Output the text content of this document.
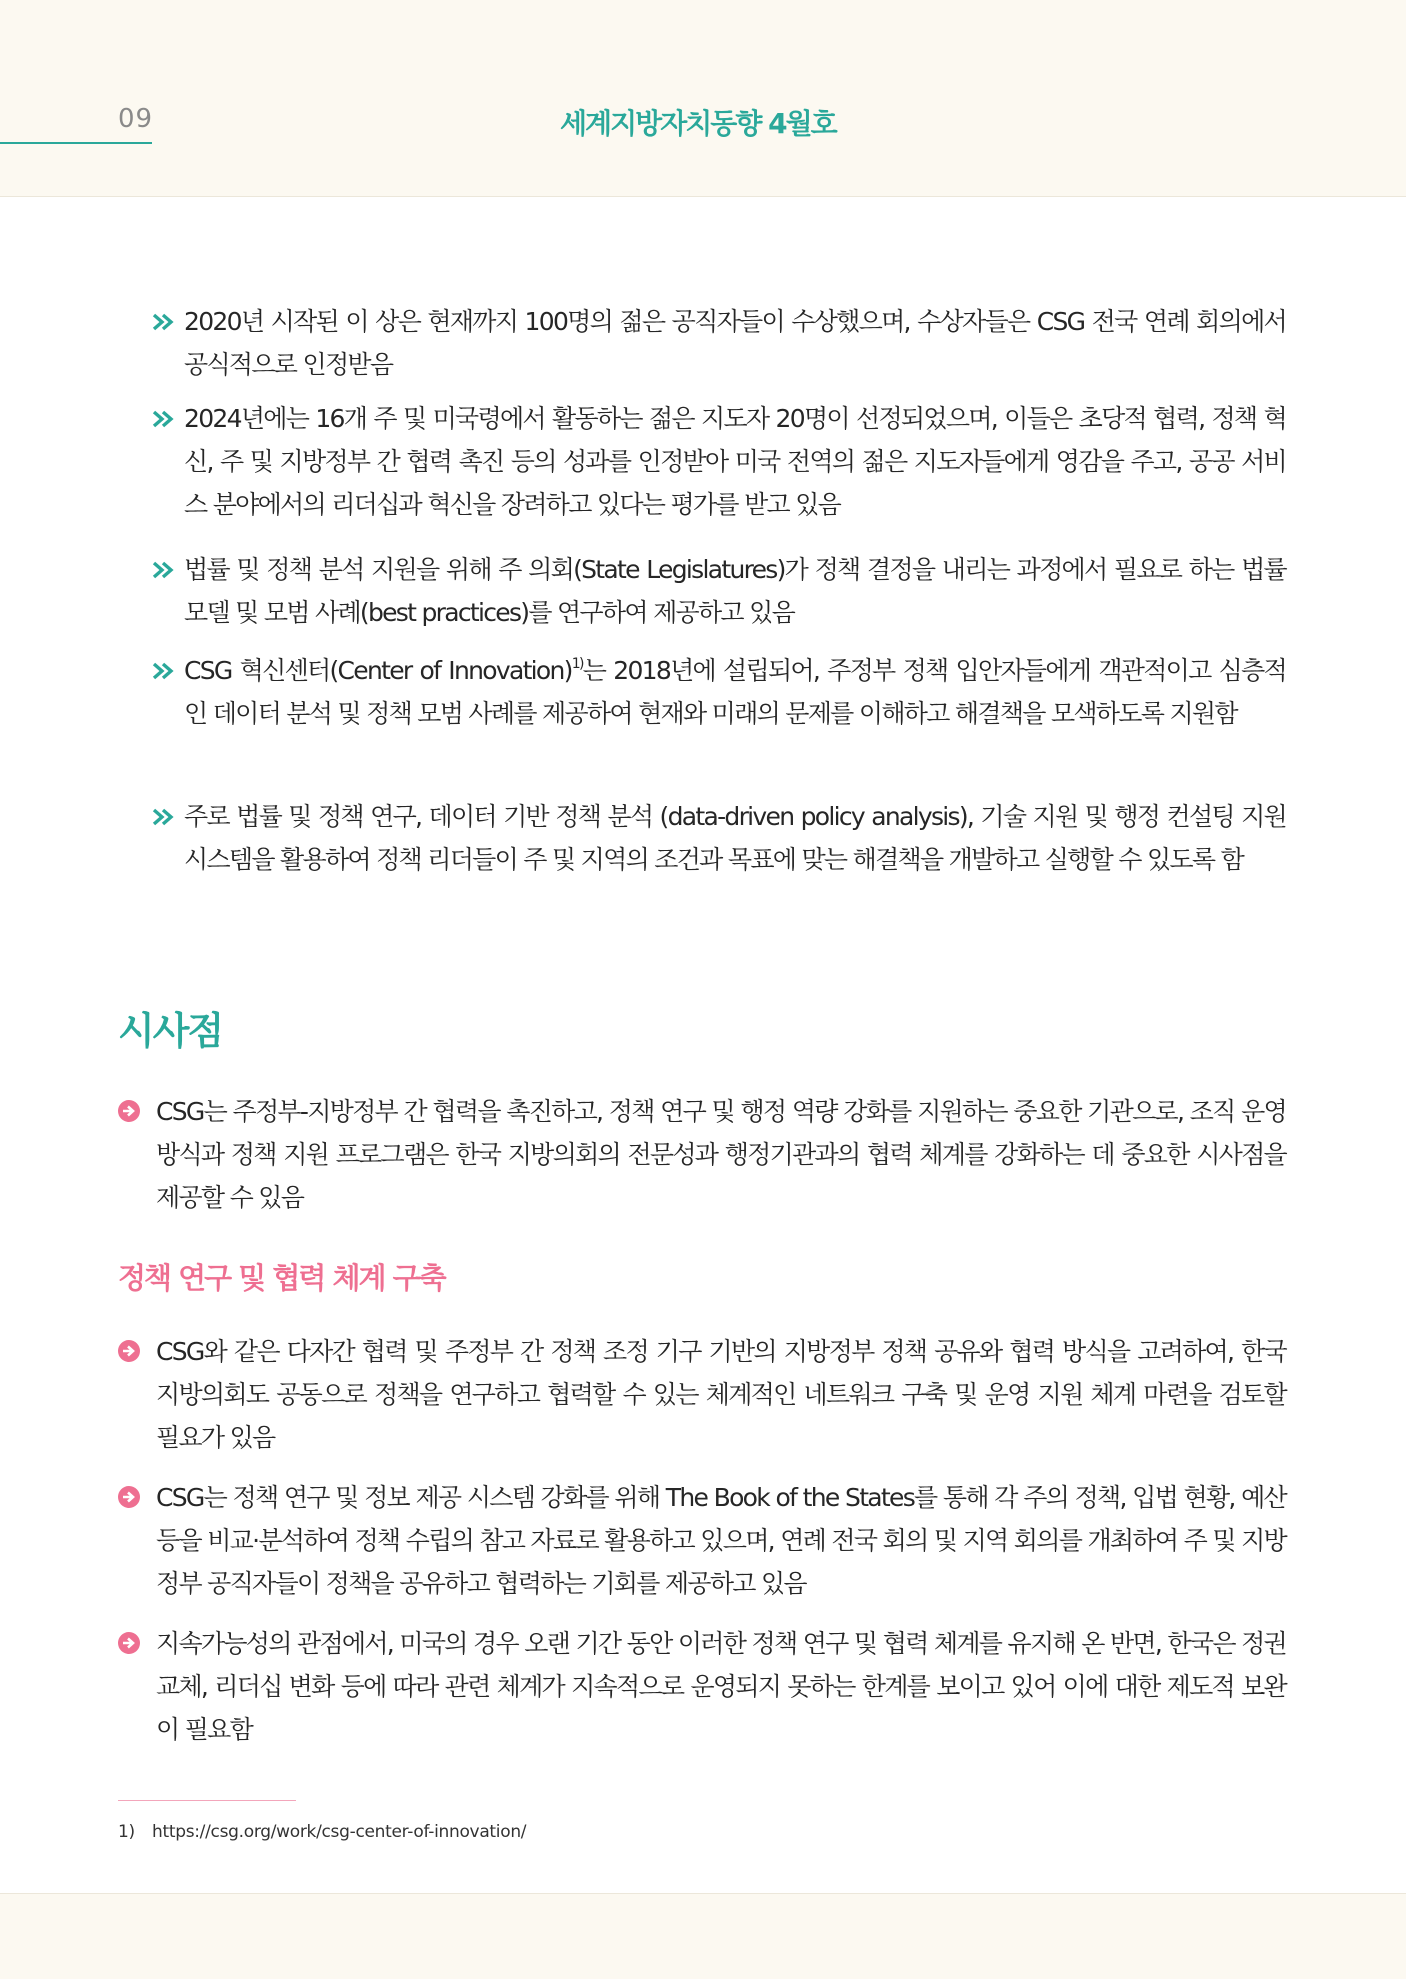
09	세계지방자치동향 4월호

2020년 시작된 이 상은 현재까지 100명의 젊은 공직자들이 수상했으며, 수상자들은 CSG 전국 연례 회의에서 공식적으로 인정받음

2024년에는 16개 주 및 미국령에서 활동하는 젊은 지도자 20명이 선정되었으며, 이들은 초당적 협력, 정책 혁신, 주 및 지방정부 간 협력 촉진 등의 성과를 인정받아 미국 전역의 젊은 지도자들에게 영감을 주고, 공공 서비스 분야에서의 리더십과 혁신을 장려하고 있다는 평가를 받고 있음

법률 및 정책 분석 지원을 위해 주 의회(State Legislatures)가 정책 결정을 내리는 과정에서 필요로 하는 법률 모델 및 모범 사례(best practices)를 연구하여 제공하고 있음

CSG 혁신센터(Center of Innovation)$^{1)}$는 2018년에 설립되어, 주정부 정책 입안자들에게 객관적이고 심층적인 데이터 분석 및 정책 모범 사례를 제공하여 현재와 미래의 문제를 이해하고 해결책을 모색하도록 지원함

주로 법률 및 정책 연구, 데이터 기반 정책 분석 (data-driven policy analysis), 기술 지원 및 행정 컨설팅 지원 시스템을 활용하여 정책 리더들이 주 및 지역의 조건과 목표에 맞는 해결책을 개발하고 실행할 수 있도록 함

시사점

CSG는 주정부-지방정부 간 협력을 촉진하고, 정책 연구 및 행정 역량 강화를 지원하는 중요한 기관으로, 조직 운영 방식과 정책 지원 프로그램은 한국 지방의회의 전문성과 행정기관과의 협력 체계를 강화하는 데 중요한 시사점을 제공할 수 있음

정책 연구 및 협력 체계 구축

CSG와 같은 다자간 협력 및 주정부 간 정책 조정 기구 기반의 지방정부 정책 공유와 협력 방식을 고려하여, 한국 지방의회도 공동으로 정책을 연구하고 협력할 수 있는 체계적인 네트워크 구축 및 운영 지원 체계 마련을 검토할 필요가 있음

CSG는 정책 연구 및 정보 제공 시스템 강화를 위해 The Book of the States를 통해 각 주의 정책, 입법 현황, 예산 등을 비교·분석하여 정책 수립의 참고 자료로 활용하고 있으며, 연례 전국 회의 및 지역 회의를 개최하여 주 및 지방정부 공직자들이 정책을 공유하고 협력하는 기회를 제공하고 있음

지속가능성의 관점에서, 미국의 경우 오랜 기간 동안 이러한 정책 연구 및 협력 체계를 유지해 온 반면, 한국은 정권 교체, 리더십 변화 등에 따라 관련 체계가 지속적으로 운영되지 못하는 한계를 보이고 있어 이에 대한 제도적 보완이 필요함

1) https://csg.org/work/csg-center-of-innovation/
